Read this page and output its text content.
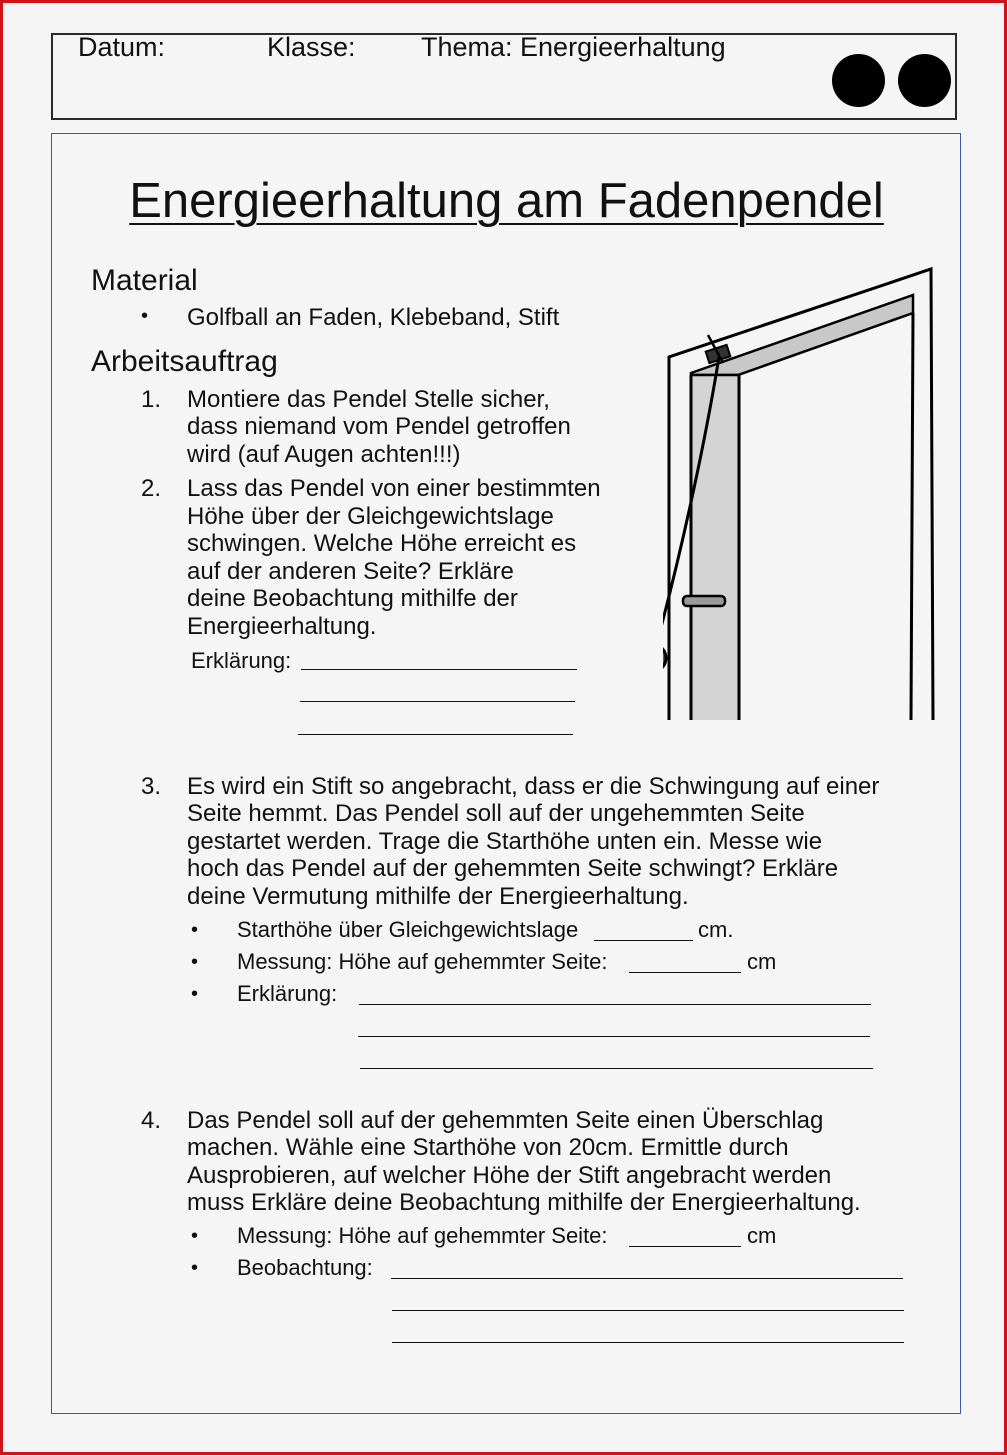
Datum:	Klasse: Thema: Energieerhaltung
Energieerhaltung am Fadenpendel
Material
• Golfball an Faden, Klebeband, Stift
Arbeitsauftrag
1. Montiere das Pendel Stelle sicher,
dass niemand vom Pendel getroffen
wird (auf Augen achten!!!)
2. Lass das Pendel von einer bestimmten
Höhe über der Gleichgewichtslage
schwingen. Welche Höhe erreicht es
auf der anderen Seite? Erkläre
deine Beobachtung mithilfe der
Energieerhaltung.
Erklärung:
3. Es wird ein Stift so angebracht, dass er die Schwingung auf einer
Seite hemmt. Das Pendel soll auf der ungehemmten Seite
gestartet werden. Trage die Starthöhe unten ein. Messe wie
hoch das Pendel auf der gehemmten Seite schwingt? Erkläre
deine Vermutung mithilfe der Energieerhaltung.
• Starthöhe über Gleichgewichtslage	cm.
• Messung: Höhe auf gehemmter Seite:	cm
• Erklärung:
4. Das Pendel soll auf der gehemmten Seite einen Überschlag
machen. Wähle eine Starthöhe von 20cm. Ermittle durch
Ausprobieren, auf welcher Höhe der Stift angebracht werden
muss Erkläre deine Beobachtung mithilfe der Energieerhaltung.
• Messung: Höhe auf gehemmter Seite:	cm
• Beobachtung:
